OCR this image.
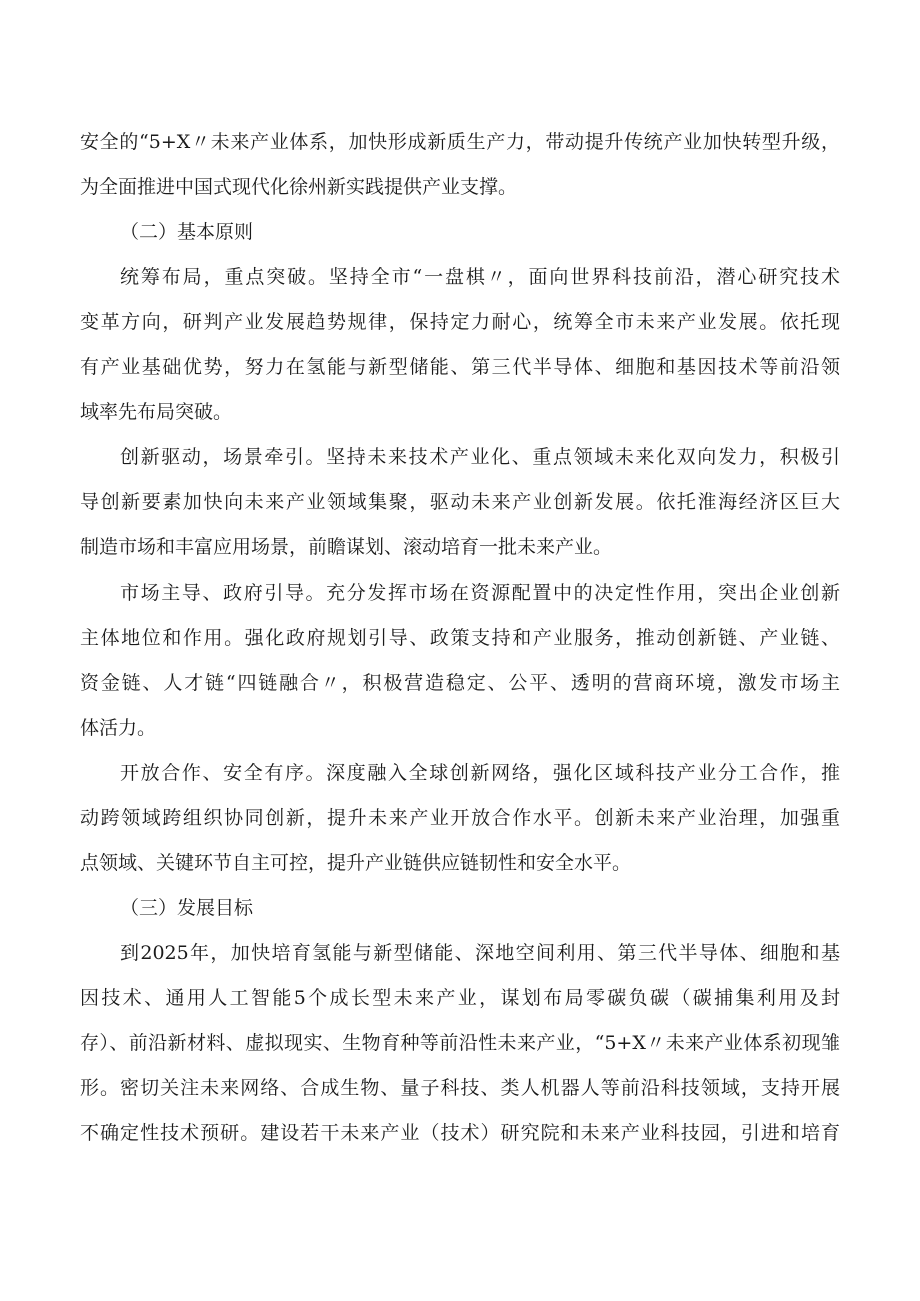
安全的“5+X〃未来产业体系，加快形成新质生产力，带动提升传统产业加快转型升级，
为全面推进中国式现代化徐州新实践提供产业支撑。
（二）基本原则
统筹布局，重点突破。坚持全市“一盘棋〃，面向世界科技前沿，潜心研究技术
变革方向，研判产业发展趋势规律，保持定力耐心，统筹全市未来产业发展。依托现
有产业基础优势，努力在氢能与新型储能、第三代半导体、细胞和基因技术等前沿领
域率先布局突破。
创新驱动，场景牵引。坚持未来技术产业化、重点领域未来化双向发力，积极引
导创新要素加快向未来产业领域集聚，驱动未来产业创新发展。依托淮海经济区巨大
制造市场和丰富应用场景，前瞻谋划、滚动培育一批未来产业。
市场主导、政府引导。充分发挥市场在资源配置中的决定性作用，突出企业创新
主体地位和作用。强化政府规划引导、政策支持和产业服务，推动创新链、产业链、
资金链、人才链“四链融合〃，积极营造稳定、公平、透明的营商环境，激发市场主
体活力。
开放合作、安全有序。深度融入全球创新网络，强化区域科技产业分工合作，推
动跨领域跨组织协同创新，提升未来产业开放合作水平。创新未来产业治理，加强重
点领域、关键环节自主可控，提升产业链供应链韧性和安全水平。
（三）发展目标
到2025年，加快培育氢能与新型储能、深地空间利用、第三代半导体、细胞和基
因技术、通用人工智能5个成长型未来产业，谋划布局零碳负碳（碳捕集利用及封
存）、前沿新材料、虚拟现实、生物育种等前沿性未来产业，“5+X〃未来产业体系初现雏
形。密切关注未来网络、合成生物、量子科技、类人机器人等前沿科技领域，支持开展
不确定性技术预研。建设若干未来产业（技术）研究院和未来产业科技园，引进和培育
